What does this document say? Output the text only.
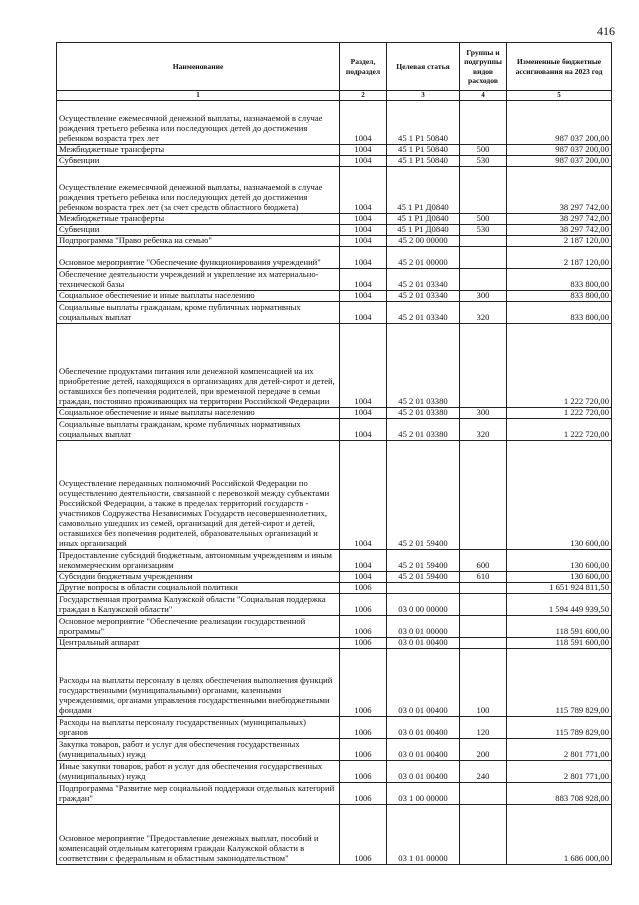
416
Наименование	Раздел, подраздел	Целевая статья	Группы и подгруппы видов расходов	Измененные бюджетные ассигнования на 2023 год
1	2	3	4	5
Осуществление ежемесячной денежной выплаты, назначаемой в случае рождения третьего ребенка или последующих детей до достижения ребенком возраста трех лет	1004	45 1 P1 50840		987 037 200,00
Межбюджетные трансферты	1004	45 1 P1 50840	500	987 037 200,00
Субвенции	1004	45 1 P1 50840	530	987 037 200,00
Осуществление ежемесячной денежной выплаты, назначаемой в случае рождения третьего ребенка или последующих детей до достижения ребенком возраста трех лет (за счет средств областного бюджета)	1004	45 1 P1 Д0840		38 297 742,00
Межбюджетные трансферты	1004	45 1 P1 Д0840	500	38 297 742,00
Субвенции	1004	45 1 P1 Д0840	530	38 297 742,00
Подпрограмма "Право ребенка на семью"	1004	45 2 00 00000		2 187 120,00
Основное мероприятие "Обеспечение функционирования учреждений"	1004	45 2 01 00000		2 187 120,00
Обеспечение деятельности учреждений и укрепление их материально-технической базы	1004	45 2 01 03340		833 800,00
Социальное обеспечение и иные выплаты населению	1004	45 2 01 03340	300	833 800,00
Социальные выплаты гражданам, кроме публичных нормативных социальных выплат	1004	45 2 01 03340	320	833 800,00
Обеспечение продуктами питания или денежной компенсацией на их приобретение детей, находящихся в организациях для детей-сирот и детей, оставшихся без попечения родителей, при временной передаче в семьи граждан, постоянно проживающих на территории Российской Федерации	1004	45 2 01 03380		1 222 720,00
Социальное обеспечение и иные выплаты населению	1004	45 2 01 03380	300	1 222 720,00
Социальные выплаты гражданам, кроме публичных нормативных социальных выплат	1004	45 2 01 03380	320	1 222 720,00
Осуществление переданных полномочий Российской Федерации по осуществлению деятельности, связанной с перевозкой между субъектами Российской Федерации, а также в пределах территорий государств - участников Содружества Независимых Государств несовершеннолетних, самовольно ушедших из семей, организаций для детей-сирот и детей, оставшихся без попечения родителей, образовательных организаций и иных организаций	1004	45 2 01 59400		130 600,00
Предоставление субсидий бюджетным, автономным учреждениям и иным некоммерческим организациям	1004	45 2 01 59400	600	130 600,00
Субсидии бюджетным учреждениям	1004	45 2 01 59400	610	130 600,00
Другие вопросы в области социальной политики	1006			1 651 924 811,50
Государственная программа Калужской области "Социальная поддержка граждан в Калужской области"	1006	03 0 00 00000		1 594 449 939,50
Основное мероприятие "Обеспечение реализации государственной программы"	1006	03 0 01 00000		118 591 600,00
Центральный аппарат	1006	03 0 01 00400		118 591 600,00
Расходы на выплаты персоналу в целях обеспечения выполнения функций государственными (муниципальными) органами, казенными учреждениями, органами управления государственными внебюджетными фондами	1006	03 0 01 00400	100	115 789 829,00
Расходы на выплаты персоналу государственных (муниципальных) органов	1006	03 0 01 00400	120	115 789 829,00
Закупка товаров, работ и услуг для обеспечения государственных (муниципальных) нужд	1006	03 0 01 00400	200	2 801 771,00
Иные закупки товаров, работ и услуг для обеспечения государственных (муниципальных) нужд	1006	03 0 01 00400	240	2 801 771,00
Подпрограмма "Развитие мер социальной поддержки отдельных категорий граждан"	1006	03 1 00 00000		883 708 928,00
Основное мероприятие "Предоставление денежных выплат, пособий и компенсаций отдельным категориям граждан Калужской области в соответствии с федеральным и областным законодательством"	1006	03 1 01 00000		1 686 000,00
